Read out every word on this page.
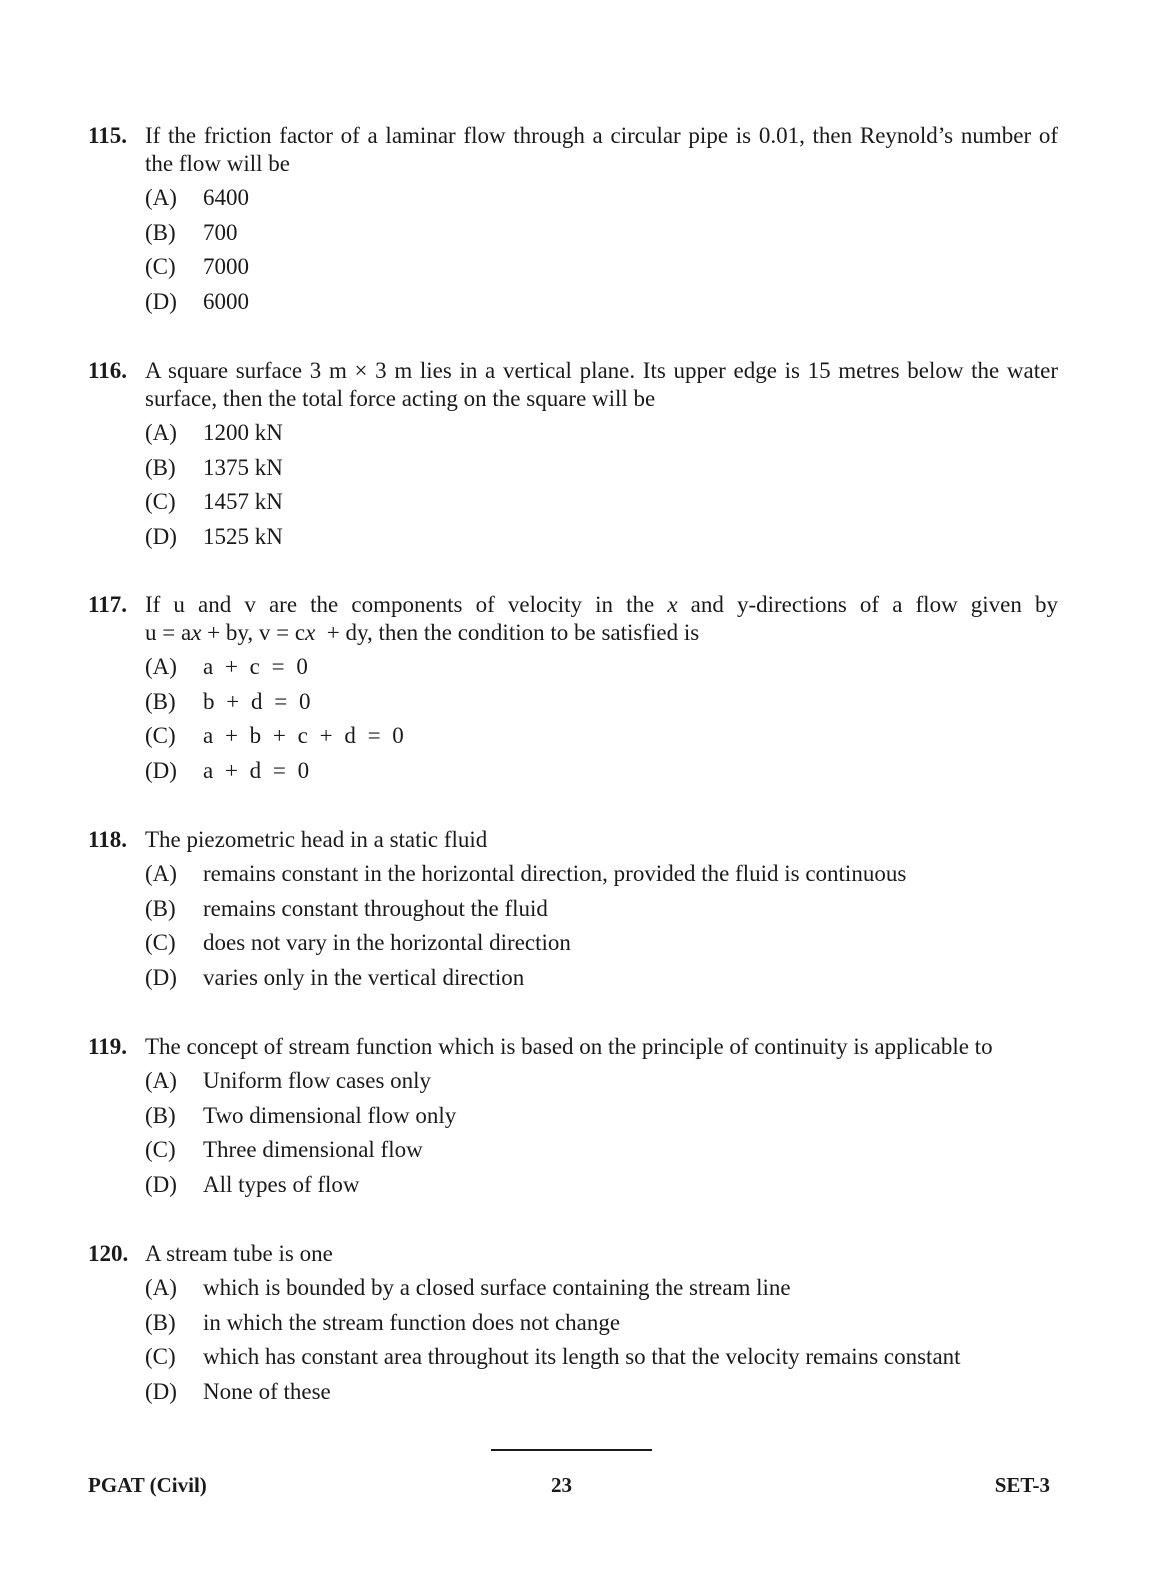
115. If the friction factor of a laminar flow through a circular pipe is 0.01, then Reynold’s number of the flow will be
(A) 6400
(B) 700
(C) 7000
(D) 6000
116. A square surface 3 m × 3 m lies in a vertical plane. Its upper edge is 15 metres below the water surface, then the total force acting on the square will be
(A) 1200 kN
(B) 1375 kN
(C) 1457 kN
(D) 1525 kN
117. If u and v are the components of velocity in the x and y-directions of a flow given by
u = ax + by, v = cx  + dy, then the condition to be satisfied is
(A) a + c = 0
(B) b + d = 0
(C) a + b + c + d = 0
(D) a + d = 0
118. The piezometric head in a static fluid
(A) remains constant in the horizontal direction, provided the fluid is continuous
(B) remains constant throughout the fluid
(C) does not vary in the horizontal direction
(D) varies only in the vertical direction
119. The concept of stream function which is based on the principle of continuity is applicable to
(A) Uniform flow cases only
(B) Two dimensional flow only
(C) Three dimensional flow
(D) All types of flow
120. A stream tube is one
(A) which is bounded by a closed surface containing the stream line
(B) in which the stream function does not change
(C) which has constant area throughout its length so that the velocity remains constant
(D) None of these
PGAT (Civil)	23	SET-3
